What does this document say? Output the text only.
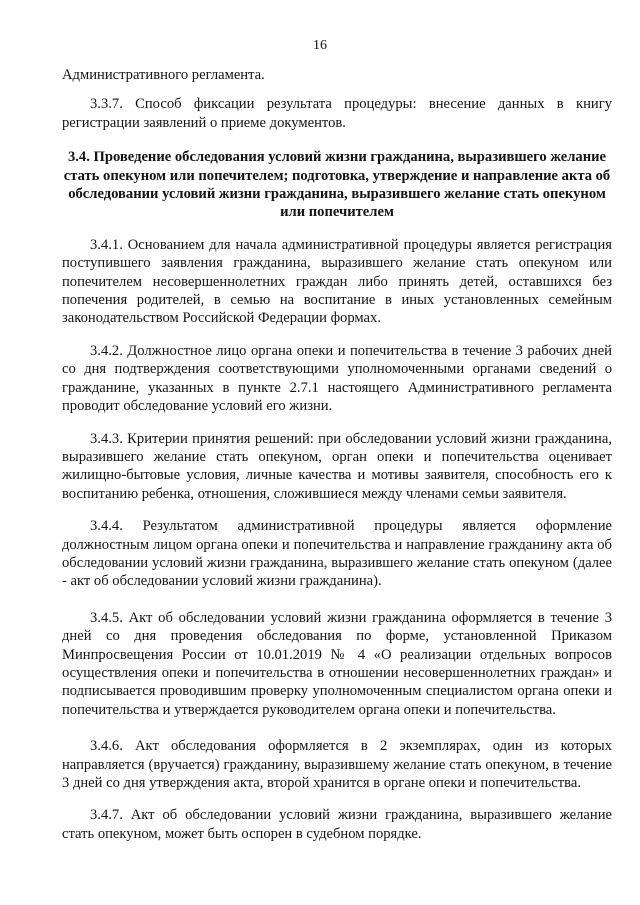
16

Административного регламента.

3.3.7. Способ фиксации результата процедуры: внесение данных в книгу регистрации заявлений о приеме документов.

3.4. Проведение обследования условий жизни гражданина, выразившего желание стать опекуном или попечителем; подготовка, утверждение и направление акта об обследовании условий жизни гражданина, выразившего желание стать опекуном или попечителем

3.4.1. Основанием для начала административной процедуры является регистрация поступившего заявления гражданина, выразившего желание стать опекуном или попечителем несовершеннолетних граждан либо принять детей, оставшихся без попечения родителей, в семью на воспитание в иных установленных семейным законодательством Российской Федерации формах.

3.4.2. Должностное лицо органа опеки и попечительства в течение 3 рабочих дней со дня подтверждения соответствующими уполномоченными органами сведений о гражданине, указанных в пункте 2.7.1 настоящего Административного регламента проводит обследование условий его жизни.

3.4.3. Критерии принятия решений: при обследовании условий жизни гражданина, выразившего желание стать опекуном, орган опеки и попечительства оценивает жилищно-бытовые условия, личные качества и мотивы заявителя, способность его к воспитанию ребенка, отношения, сложившиеся между членами семьи заявителя.

3.4.4. Результатом административной процедуры является оформление должностным лицом органа опеки и попечительства и направление гражданину акта об обследовании условий жизни гражданина, выразившего желание стать опекуном (далее - акт об обследовании условий жизни гражданина).

3.4.5. Акт об обследовании условий жизни гражданина оформляется в течение 3 дней со дня проведения обследования по форме, установленной Приказом Минпросвещения России от 10.01.2019 № 4 «О реализации отдельных вопросов осуществления опеки и попечительства в отношении несовершеннолетних граждан» и подписывается проводившим проверку уполномоченным специалистом органа опеки и попечительства и утверждается руководителем органа опеки и попечительства.

3.4.6. Акт обследования оформляется в 2 экземплярах, один из которых направляется (вручается) гражданину, выразившему желание стать опекуном, в течение 3 дней со дня утверждения акта, второй хранится в органе опеки и попечительства.

3.4.7. Акт об обследовании условий жизни гражданина, выразившего желание стать опекуном, может быть оспорен в судебном порядке.
